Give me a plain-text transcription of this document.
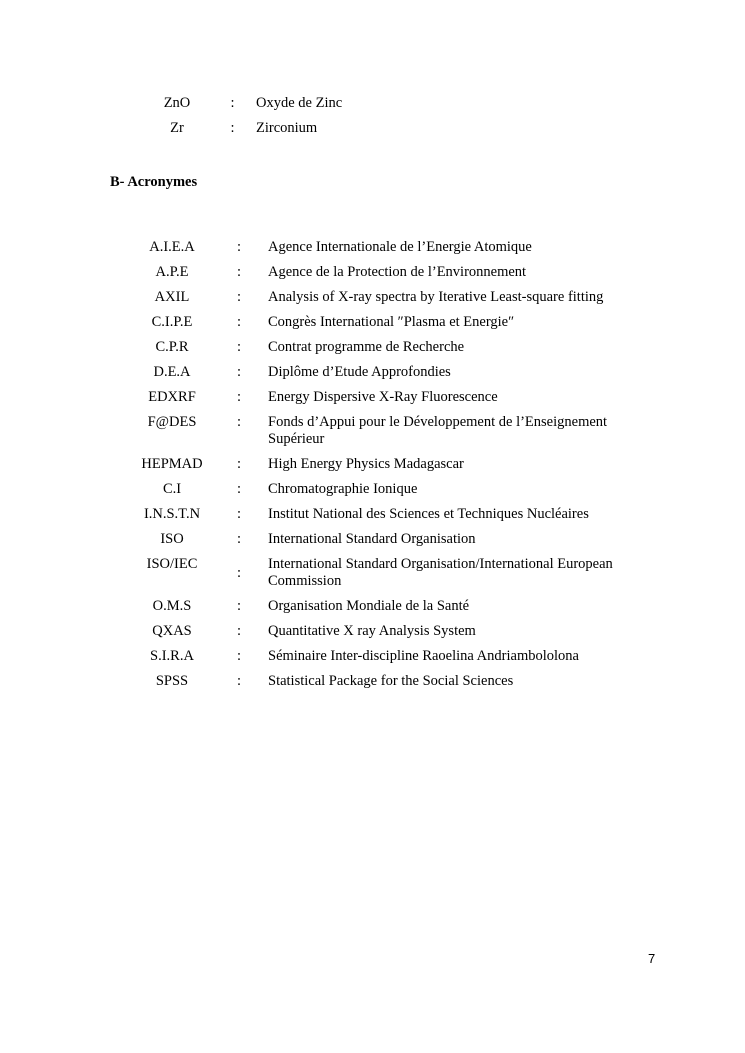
ZnO	:	Oxyde de Zinc
Zr	:	Zirconium
B- Acronymes
A.I.E.A	:	Agence Internationale de l’Energie Atomique
A.P.E	:	Agence de la Protection de l’Environnement
AXIL	:	Analysis of X-ray spectra by Iterative Least-square fitting
C.I.P.E	:	Congrès International ″Plasma et Energie″
C.P.R	:	Contrat programme de Recherche
D.E.A	:	Diplôme d’Etude Approfondies
EDXRF	:	Energy Dispersive X-Ray Fluorescence
F@DES	:	Fonds d’Appui pour le Développement de l’Enseignement Supérieur
HEPMAD	:	High Energy Physics Madagascar
C.I	:	Chromatographie Ionique
I.N.S.T.N	:	Institut National des Sciences et Techniques Nucléaires
ISO	:	International Standard Organisation
ISO/IEC	:	International Standard Organisation/International European Commission
O.M.S	:	Organisation Mondiale de la Santé
QXAS	:	Quantitative X ray Analysis System
S.I.R.A	:	Séminaire Inter-discipline Raoelina Andriambololona
SPSS	:	Statistical Package for the Social Sciences
7
